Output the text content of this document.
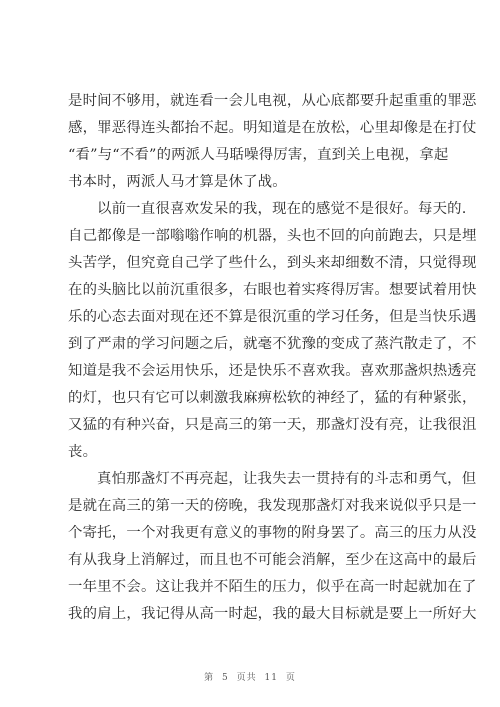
是时间不够用，就连看一会儿电视，从心底都要升起重重的罪恶
感，罪恶得连头都抬不起。明知道是在放松，心里却像是在打仗
“看”与“不看”的两派人马聒噪得厉害，直到关上电视，拿起
书本时，两派人马才算是休了战。
以前一直很喜欢发呆的我，现在的感觉不是很好。每天的.
自己都像是一部嗡嗡作响的机器，头也不回的向前跑去，只是埋
头苦学，但究竟自己学了些什么，到头来却细数不清，只觉得现
在的头脑比以前沉重很多，右眼也着实疼得厉害。想要试着用快
乐的心态去面对现在还不算是很沉重的学习任务，但是当快乐遇
到了严肃的学习问题之后，就毫不犹豫的变成了蒸汽散走了，不
知道是我不会运用快乐，还是快乐不喜欢我。喜欢那盏炽热透亮
的灯，也只有它可以刺激我麻痹松软的神经了，猛的有种紧张，
又猛的有种兴奋，只是高三的第一天，那盏灯没有亮，让我很沮
丧。
真怕那盏灯不再亮起，让我失去一贯持有的斗志和勇气，但
是就在高三的第一天的傍晚，我发现那盏灯对我来说似乎只是一
个寄托，一个对我更有意义的事物的附身罢了。高三的压力从没
有从我身上消解过，而且也不可能会消解，至少在这高中的最后
一年里不会。这让我并不陌生的压力，似乎在高一时起就加在了
我的肩上，我记得从高一时起，我的最大目标就是要上一所好大
第 5 页共 11 页
